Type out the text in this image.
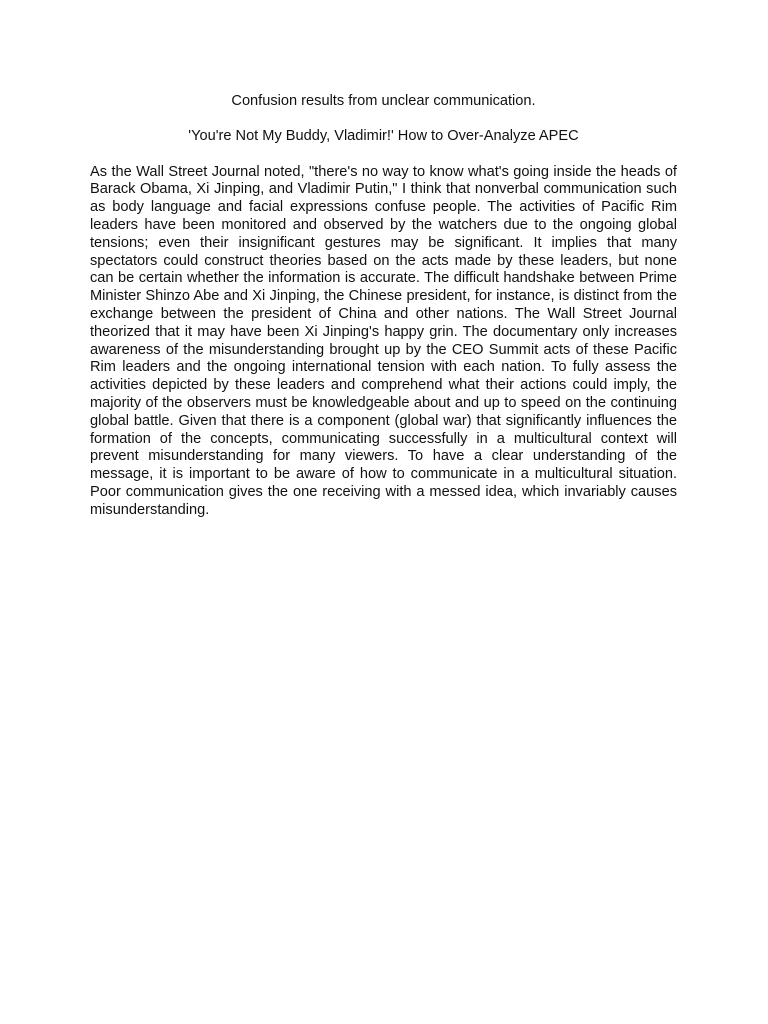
Confusion results from unclear communication.

'You're Not My Buddy, Vladimir!' How to Over-Analyze APEC

As the Wall Street Journal noted, "there's no way to know what's going inside the heads of Barack Obama, Xi Jinping, and Vladimir Putin," I think that nonverbal communication such as body language and facial expressions confuse people. The activities of Pacific Rim leaders have been monitored and observed by the watchers due to the ongoing global tensions; even their insignificant gestures may be significant. It implies that many spectators could construct theories based on the acts made by these leaders, but none can be certain whether the information is accurate. The difficult handshake between Prime Minister Shinzo Abe and Xi Jinping, the Chinese president, for instance, is distinct from the exchange between the president of China and other nations. The Wall Street Journal theorized that it may have been Xi Jinping's happy grin. The documentary only increases awareness of the misunderstanding brought up by the CEO Summit acts of these Pacific Rim leaders and the ongoing international tension with each nation. To fully assess the activities depicted by these leaders and comprehend what their actions could imply, the majority of the observers must be knowledgeable about and up to speed on the continuing global battle. Given that there is a component (global war) that significantly influences the formation of the concepts, communicating successfully in a multicultural context will prevent misunderstanding for many viewers. To have a clear understanding of the message, it is important to be aware of how to communicate in a multicultural situation. Poor communication gives the one receiving with a messed idea, which invariably causes misunderstanding.
